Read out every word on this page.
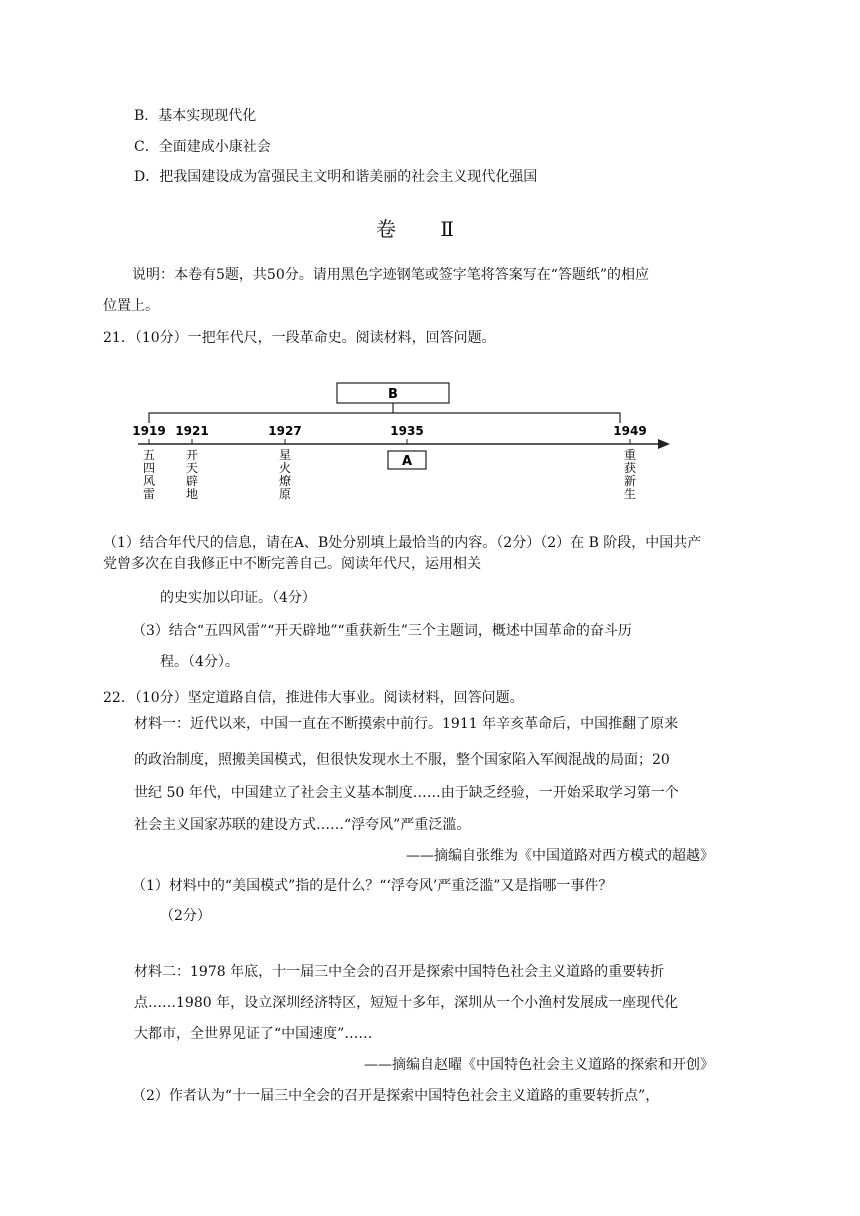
B．基本实现现代化
C．全面建成小康社会
D．把我国建设成为富强民主文明和谐美丽的社会主义现代化强国
卷 Ⅱ
说明：本卷有5题，共50分。请用黑色字迹钢笔或签字笔将答案写在“答题纸”的相应
位置上。
21．（10分）一把年代尺，一段革命史。阅读材料，回答问题。
B
1919 1921	1927	1935	1949
A
五四风雷
开天辟地
星火燎原
重获新生
（1）结合年代尺的信息，请在A、B处分别填上最恰当的内容。（2分）（2）在 B 阶段，中国共产
党曾多次在自我修正中不断完善自己。阅读年代尺，运用相关
的史实加以印证。（4分）
（3）结合“五四风雷”“开天辟地”“重获新生”三个主题词，概述中国革命的奋斗历
程。（4分）。
22．（10分）坚定道路自信，推进伟大事业。阅读材料，回答问题。
材料一：近代以来，中国一直在不断摸索中前行。1911 年辛亥革命后，中国推翻了原来
的政治制度，照搬美国模式，但很快发现水土不服，整个国家陷入军阀混战的局面；20
世纪 50 年代，中国建立了社会主义基本制度……由于缺乏经验，一开始采取学习第一个
社会主义国家苏联的建设方式……“浮夸风”严重泛滥。
——摘编自张维为《中国道路对西方模式的超越》
（1）材料中的“美国模式”指的是什么？“‘浮夸风’严重泛滥”又是指哪一事件？
（2分）
材料二：1978 年底，十一届三中全会的召开是探索中国特色社会主义道路的重要转折
点……1980 年，设立深圳经济特区，短短十多年，深圳从一个小渔村发展成一座现代化
大都市，全世界见证了“中国速度”……
——摘编自赵曜《中国特色社会主义道路的探索和开创》
（2）作者认为“十一届三中全会的召开是探索中国特色社会主义道路的重要转折点”，
